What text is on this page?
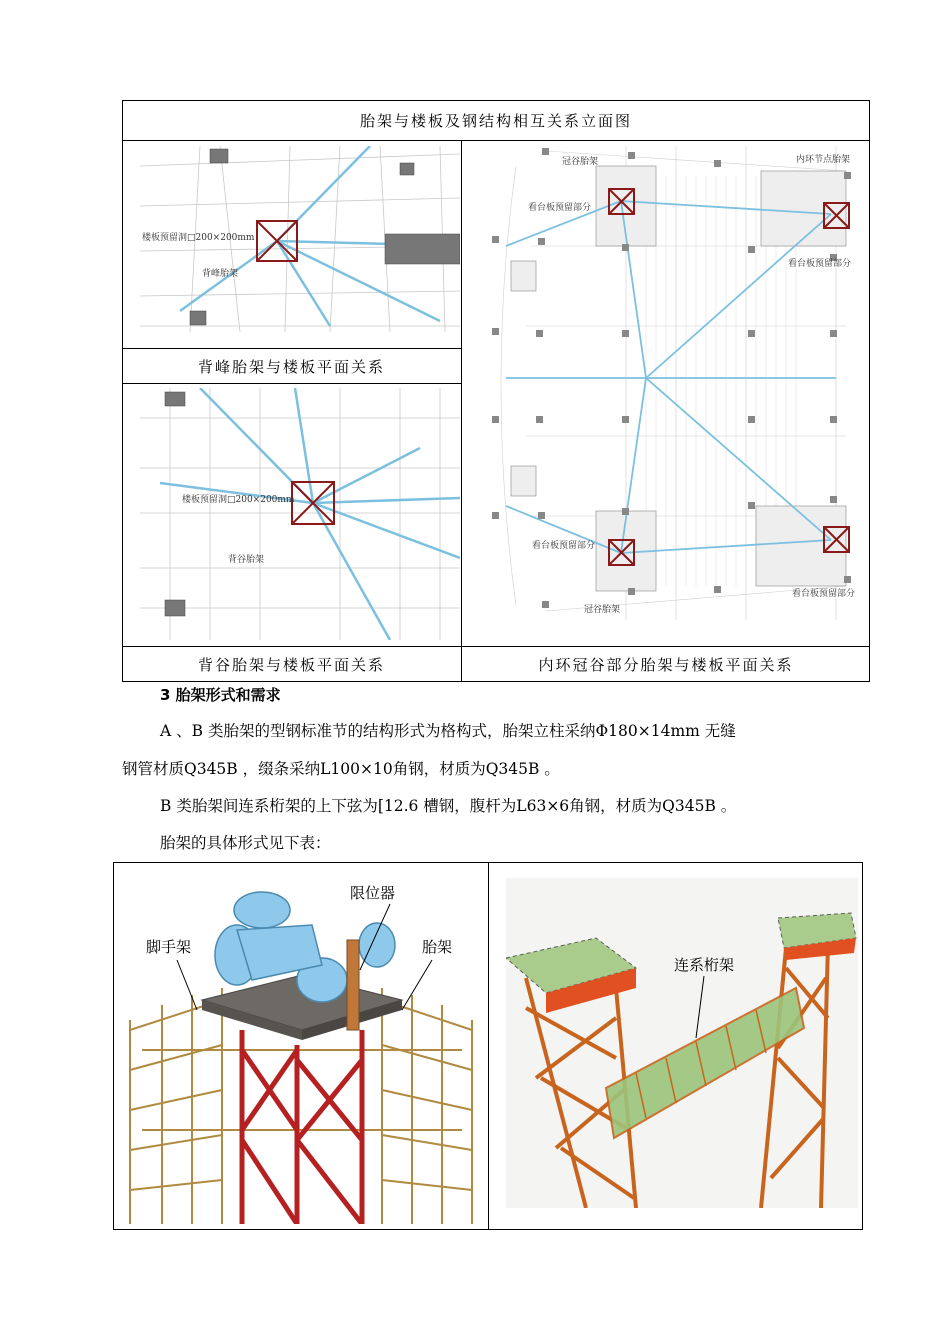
胎架与楼板及钢结构相互关系立面图
背峰胎架与楼板平面关系
背谷胎架与楼板平面关系	内环冠谷部分胎架与楼板平面关系
楼板预留洞□200×200mm
背峰胎架
楼板预留洞□200×200mm
背谷胎架
冠谷胎架	内环节点胎架
看台板预留部分
看台板预留部分
看台板预留部分
看台板预留部分
冠谷胎架
3 胎架形式和需求
A 、B 类胎架的型钢标准节的结构形式为格构式，胎架立柱采纳Φ180×14mm 无缝
钢管材质Q345B ，缀条采纳L100×10角钢，材质为Q345B 。
B 类胎架间连系桁架的上下弦为[12.6 槽钢，腹杆为L63×6角钢，材质为Q345B 。
胎架的具体形式见下表：
限位器
脚手架	胎架
连系桁架
